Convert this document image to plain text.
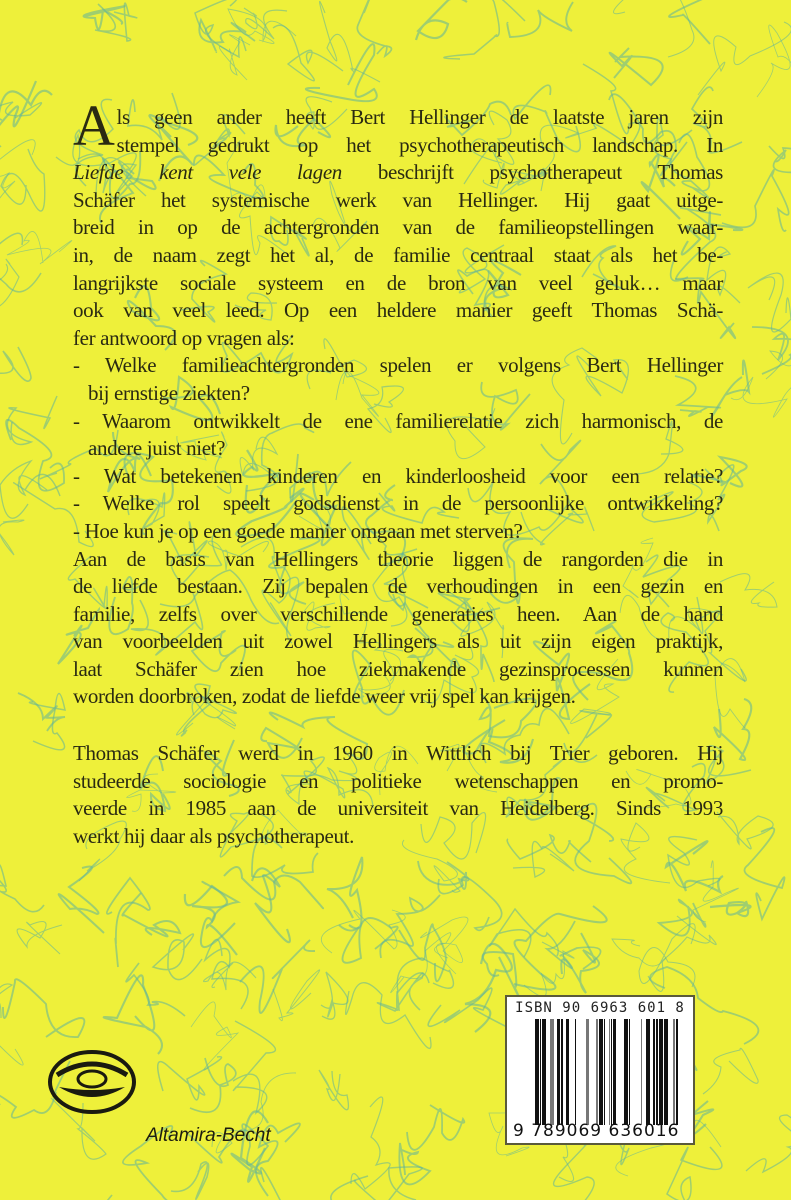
Als geen ander heeft Bert Hellinger de laatste jaren zijn
stempel gedrukt op het psychotherapeutisch landschap. In
Liefde kent vele lagen beschrijft psychotherapeut Thomas
Schäfer het systemische werk van Hellinger. Hij gaat uitge-
breid in op de achtergronden van de familieopstellingen waar-
in, de naam zegt het al, de familie centraal staat als het be-
langrijkste sociale systeem en de bron van veel geluk… maar
ook van veel leed. Op een heldere manier geeft Thomas Schä-
fer antwoord op vragen als:
- Welke familieachtergronden spelen er volgens Bert Hellinger
bij ernstige ziekten?
- Waarom ontwikkelt de ene familierelatie zich harmonisch, de
andere juist niet?
- Wat betekenen kinderen en kinderloosheid voor een relatie?
- Welke rol speelt godsdienst in de persoonlijke ontwikkeling?
- Hoe kun je op een goede manier omgaan met sterven?
Aan de basis van Hellingers theorie liggen de rangorden die in
de liefde bestaan. Zij bepalen de verhoudingen in een gezin en
familie, zelfs over verschillende generaties heen. Aan de hand
van voorbeelden uit zowel Hellingers als uit zijn eigen praktijk,
laat Schäfer zien hoe ziekmakende gezinsprocessen kunnen
worden doorbroken, zodat de liefde weer vrij spel kan krijgen.
Thomas Schäfer werd in 1960 in Wittlich bij Trier geboren. Hij
studeerde sociologie en politieke wetenschappen en promo-
veerde in 1985 aan de universiteit van Heidelberg. Sinds 1993
werkt hij daar als psychotherapeut.
ISBN 90 6963 601 8
9 789069 636016
Altamira-Becht
